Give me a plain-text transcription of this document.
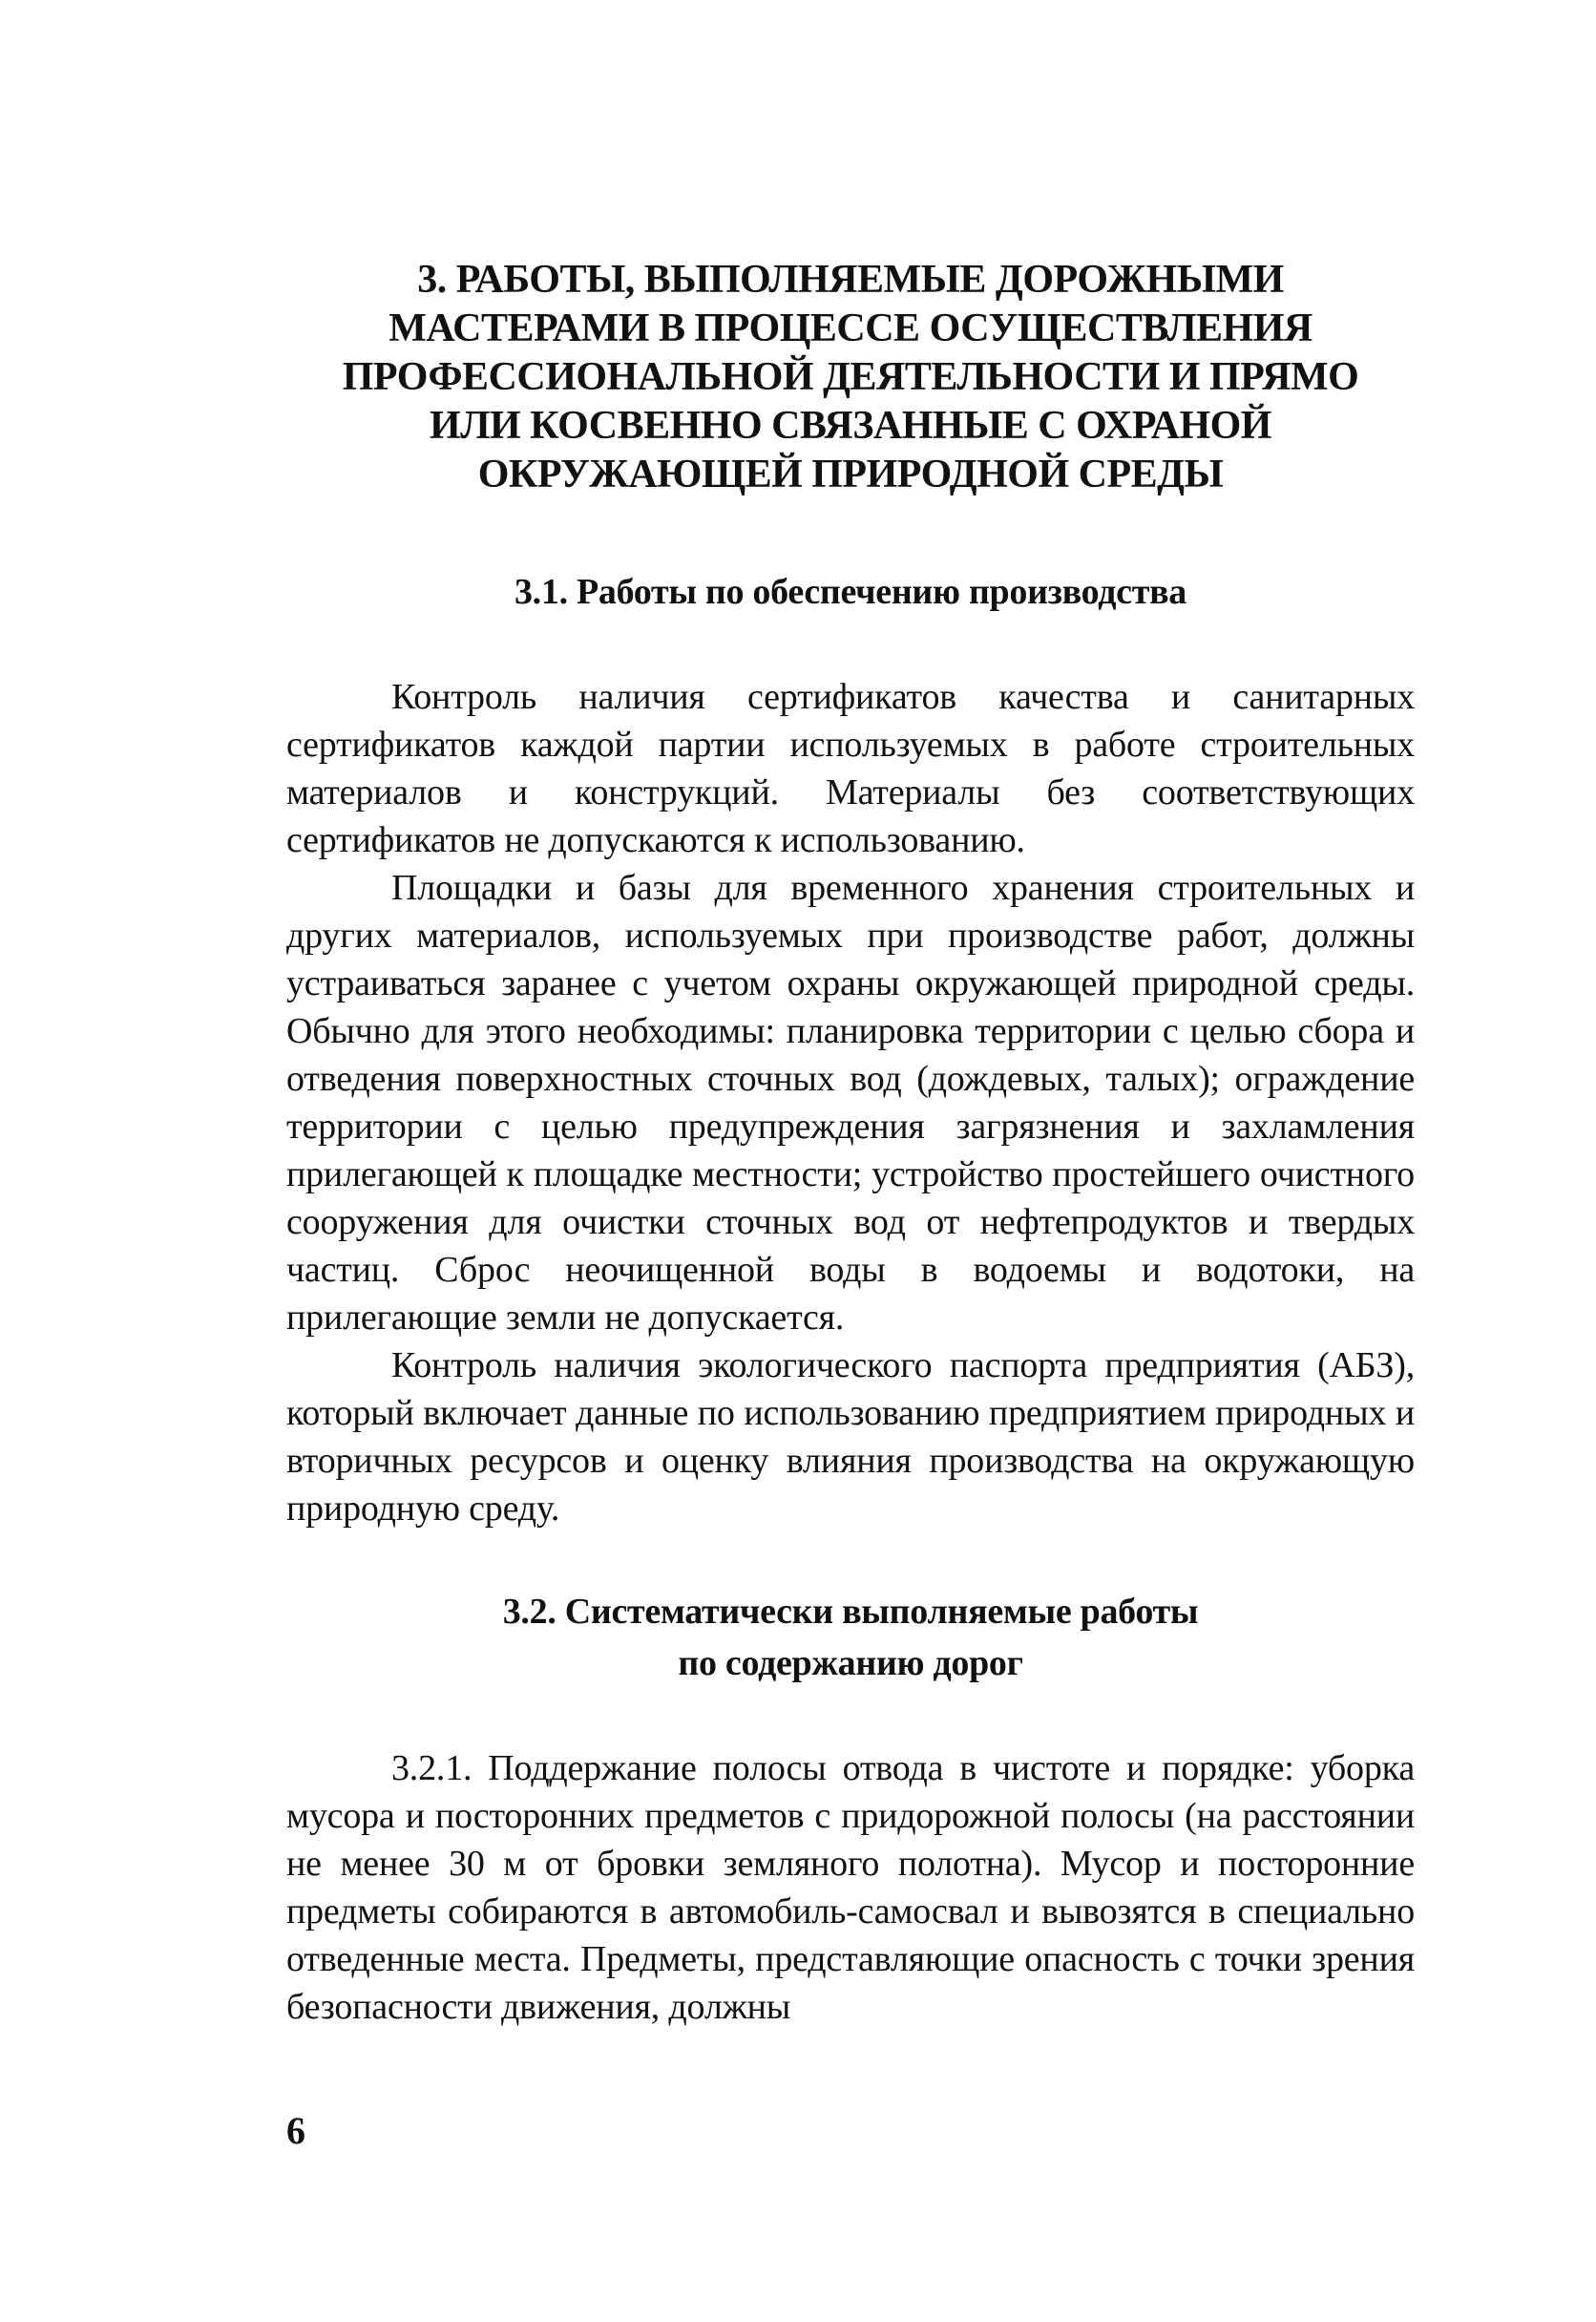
3. РАБОТЫ, ВЫПОЛНЯЕМЫЕ ДОРОЖНЫМИ
МАСТЕРАМИ В ПРОЦЕССЕ ОСУЩЕСТВЛЕНИЯ
ПРОФЕССИОНАЛЬНОЙ ДЕЯТЕЛЬНОСТИ И ПРЯМО
ИЛИ КОСВЕННО СВЯЗАННЫЕ С ОХРАНОЙ
ОКРУЖАЮЩЕЙ ПРИРОДНОЙ СРЕДЫ
3.1. Работы по обеспечению производства

Контроль наличия сертификатов качества и санитарных сертификатов каждой партии используемых в работе строительных материалов и конструкций. Материалы без соответствующих сертификатов не допускаются к использованию.

Площадки и базы для временного хранения строительных и других материалов, используемых при производстве работ, должны устраиваться заранее с учетом охраны окружающей природной среды. Обычно для этого необходимы: планировка территории с целью сбора и отведения поверхностных сточных вод (дождевых, талых); ограждение территории с целью предупреждения загрязнения и захламления прилегающей к площадке местности; устройство простейшего очистного сооружения для очистки сточных вод от нефтепродуктов и твердых частиц. Сброс неочищенной воды в водоемы и водотоки, на прилегающие земли не допускается.

Контроль наличия экологического паспорта предприятия (АБЗ), который включает данные по использованию предприятием природных и вторичных ресурсов и оценку влияния производства на окружающую природную среду.

3.2. Систематически выполняемые работы
по содержанию дорог

3.2.1. Поддержание полосы отвода в чистоте и порядке: уборка мусора и посторонних предметов с придорожной полосы (на расстоянии не менее 30 м от бровки земляного полотна). Мусор и посторонние предметы собираются в автомобиль-самосвал и вывозятся в специально отведенные места. Предметы, представляющие опасность с точки зрения безопасности движения, должны

6
